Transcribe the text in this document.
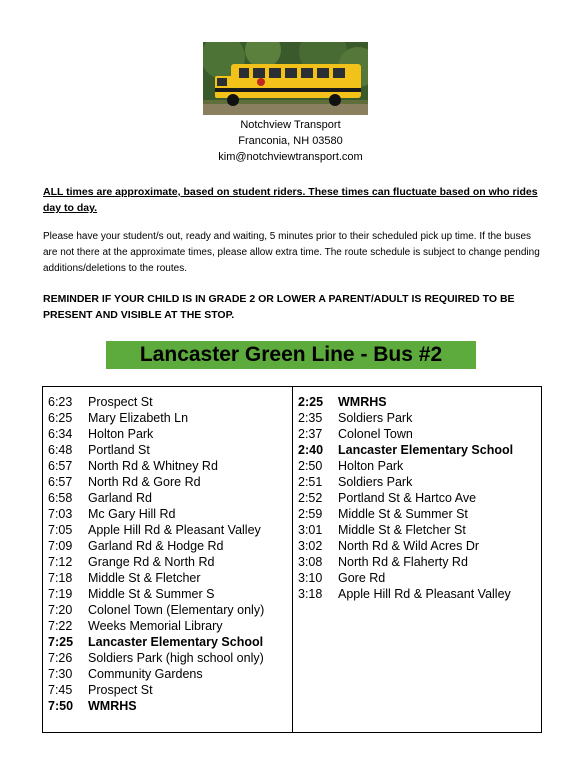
Notchview Transport
Franconia, NH 03580
kim@notchviewtransport.com
ALL times are approximate, based on student riders. These times can fluctuate based on who rides day to day.
Please have your student/s out, ready and waiting, 5 minutes prior to their scheduled pick up time. If the buses are not there at the approximate times, please allow extra time. The route schedule is subject to change pending additions/deletions to the routes.
REMINDER IF YOUR CHILD IS IN GRADE 2 OR LOWER A PARENT/ADULT IS REQUIRED TO BE PRESENT AND VISIBLE AT THE STOP.
Lancaster Green Line - Bus #2
6:23 Prospect St
6:25 Mary Elizabeth Ln
6:34 Holton Park
6:48 Portland St
6:57 North Rd & Whitney Rd
6:57 North Rd & Gore Rd
6:58 Garland Rd
7:03 Mc Gary Hill Rd
7:05 Apple Hill Rd & Pleasant Valley
7:09 Garland Rd & Hodge Rd
7:12 Grange Rd & North Rd
7:18 Middle St & Fletcher
7:19 Middle St & Summer S
7:20 Colonel Town (Elementary only)
7:22 Weeks Memorial Library
7:25 Lancaster Elementary School
7:26 Soldiers Park (high school only)
7:30 Community Gardens
7:45 Prospect St
7:50 WMRHS
2:25 WMRHS
2:35 Soldiers Park
2:37 Colonel Town
2:40 Lancaster Elementary School
2:50 Holton Park
2:51 Soldiers Park
2:52 Portland St & Hartco Ave
2:59 Middle St & Summer St
3:01 Middle St & Fletcher St
3:02 North Rd & Wild Acres Dr
3:08 North Rd & Flaherty Rd
3:10 Gore Rd
3:18 Apple Hill Rd & Pleasant Valley
